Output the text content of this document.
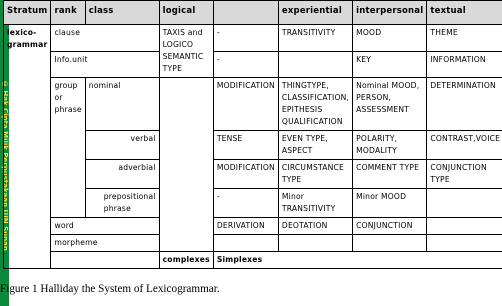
© Hak Cipta Milik Perpustakaan UIN Sunan
Stratum	rank	class	logical		experiential	interpersonal	textual
lexico-
grammar	clause		TAXIS and LOGICO SEMANTIC TYPE	-	TRANSITIVITY	MOOD	THEME
	Info.unit			-		KEY	INFORMATION
	group or phrase	nominal		MODIFICATION	THINGTYPE, CLASSIFICATION, EPITHESIS QUALIFICATION	Nominal MOOD, PERSON, ASSESSMENT	DETERMINATION
		verbal		TENSE	EVEN TYPE, ASPECT	POLARITY, MODALITY	CONTRAST,VOICE
		adverbial		MODIFICATION	CIRCUMSTANCE TYPE	COMMENT TYPE	CONJUNCTION TYPE
		prepositional phrase		-	Minor TRANSITIVITY	Minor MOOD	
	word			DERIVATION	DEOTATION	CONJUNCTION	
	morpheme						
			complexes	Simplexes			
Figure 1 Halliday the System of Lexicogrammar.
